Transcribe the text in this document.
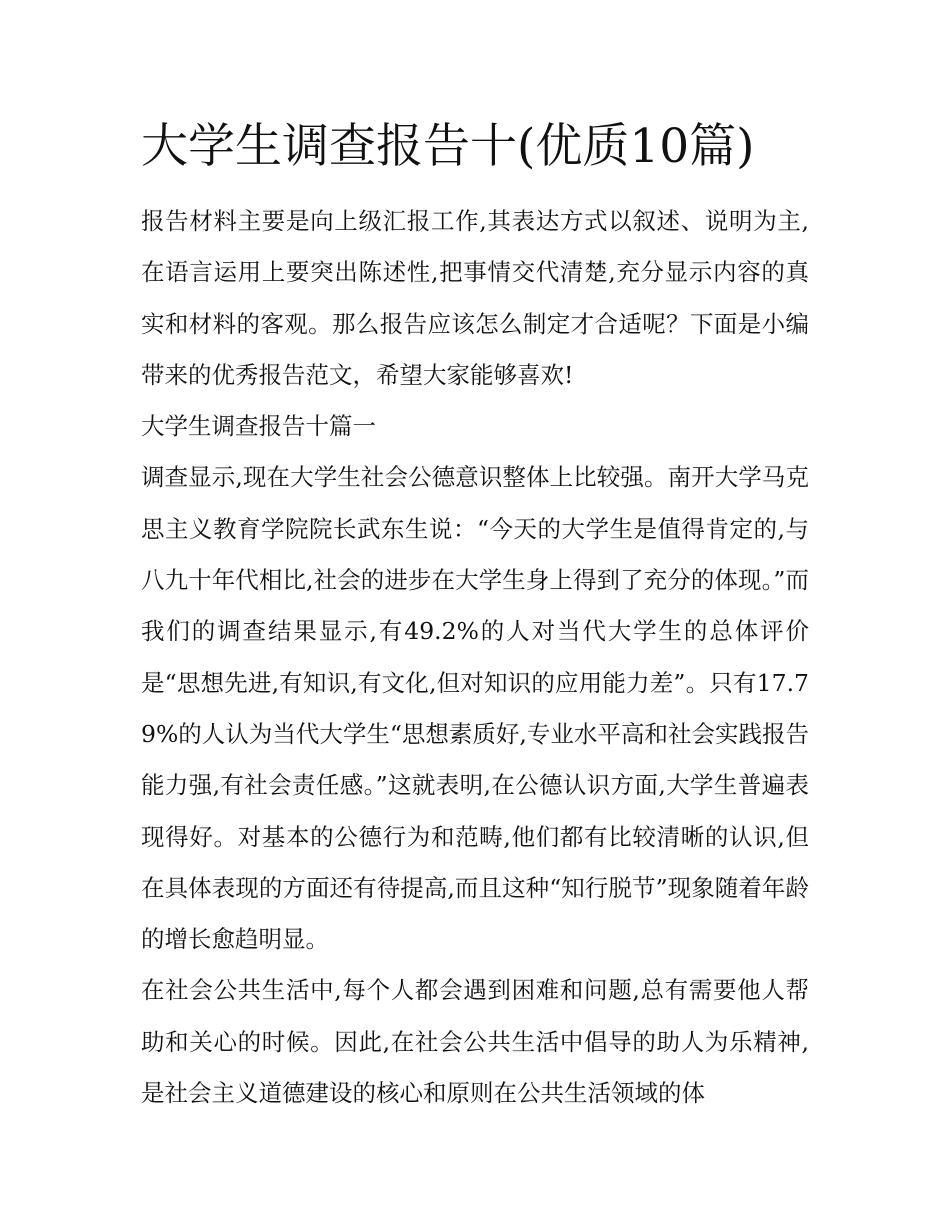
大学生调查报告十(优质10篇)

报告材料主要是向上级汇报工作,其表达方式以叙述、说明为主,在语言运用上要突出陈述性,把事情交代清楚,充分显示内容的真实和材料的客观。那么报告应该怎么制定才合适呢？下面是小编带来的优秀报告范文，希望大家能够喜欢!

大学生调查报告十篇一

调查显示,现在大学生社会公德意识整体上比较强。南开大学马克思主义教育学院院长武东生说：“今天的大学生是值得肯定的,与八九十年代相比,社会的进步在大学生身上得到了充分的体现。”而我们的调查结果显示,有49.2%的人对当代大学生的总体评价是“思想先进,有知识,有文化,但对知识的应用能力差”。只有17.79%的人认为当代大学生“思想素质好,专业水平高和社会实践报告能力强,有社会责任感。”这就表明,在公德认识方面,大学生普遍表现得好。对基本的公德行为和范畴,他们都有比较清晰的认识,但在具体表现的方面还有待提高,而且这种“知行脱节”现象随着年龄的增长愈趋明显。

在社会公共生活中,每个人都会遇到困难和问题,总有需要他人帮助和关心的时候。因此,在社会公共生活中倡导的助人为乐精神,是社会主义道德建设的核心和原则在公共生活领域的体
